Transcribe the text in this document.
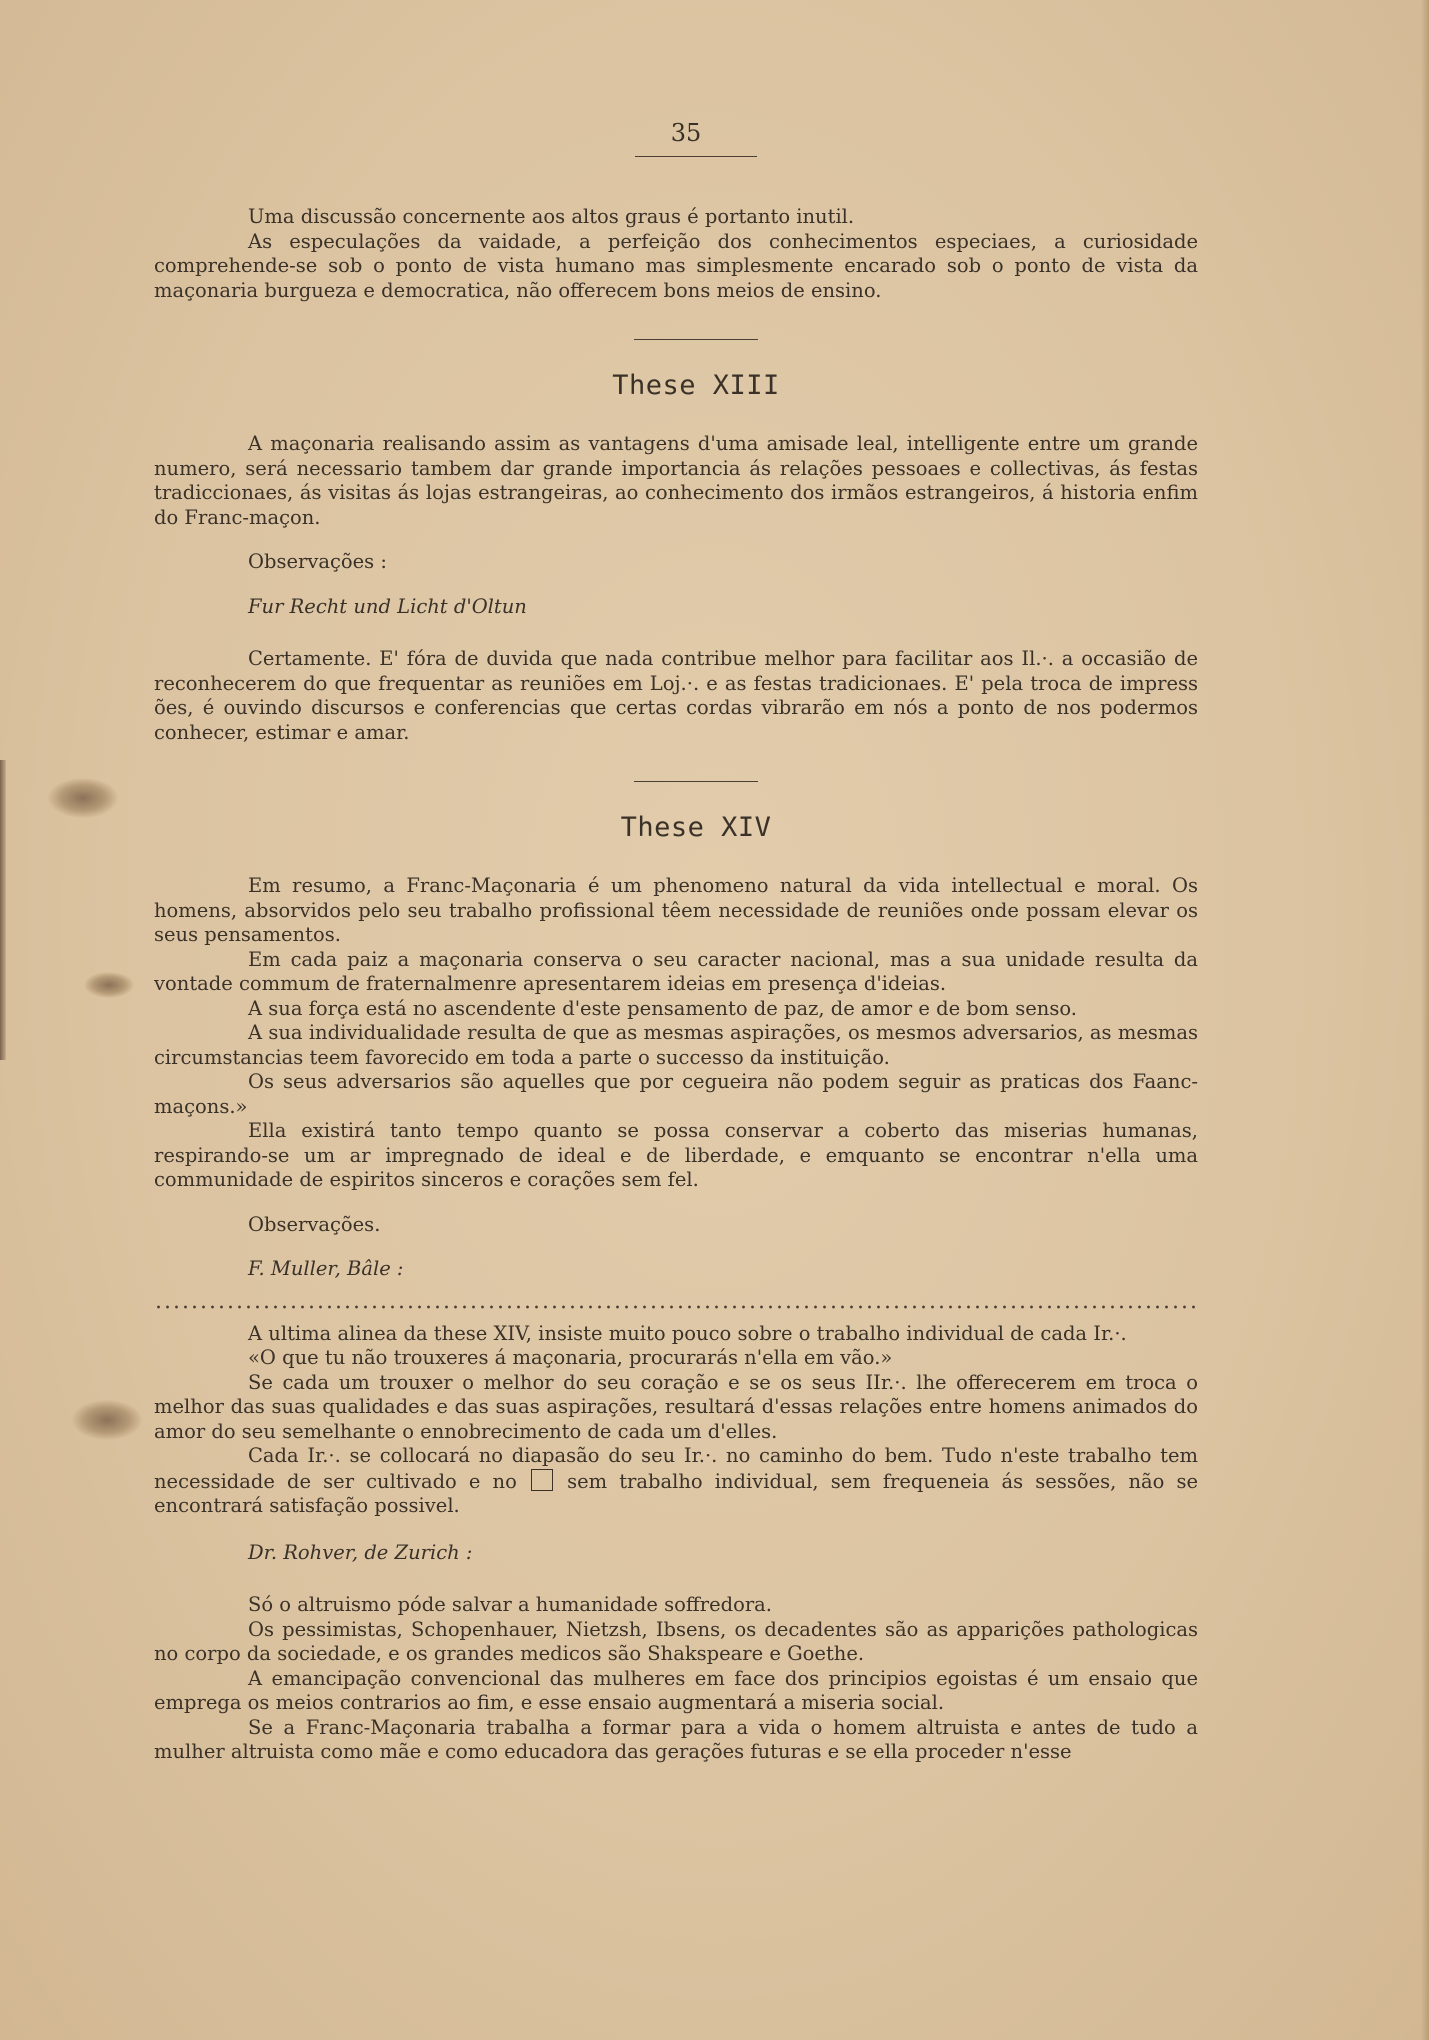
35

Uma discussão concernente aos altos graus é portanto inutil.

As especulações da vaidade, a perfeição dos conhecimentos especiaes, a curiosidade comprehende-se sob o ponto de vista humano mas simplesmente encarado sob o ponto de vista da maçonaria burgueza e democratica, não offerecem bons meios de ensino.

These XIII

A maçonaria realisando assim as vantagens d'uma amisade leal, intelligente entre um grande numero, será necessario tambem dar grande importancia ás relações pessoaes e collectivas, ás festas tradiccionaes, ás visitas ás lojas estrangeiras, ao conhecimento dos irmãos estrangeiros, á historia enfim do Franc-maçon.

Observações :

Fur Recht und Licht d'Oltun

Certamente. E' fóra de duvida que nada contribue melhor para facilitar aos Il.·. a occasião de reconhecerem do que frequentar as reuniões em Loj.·. e as festas tradicionaes. E' pela troca de impress ões, é ouvindo discursos e conferencias que certas cordas vibrarão em nós a ponto de nos podermos conhecer, estimar e amar.

These XIV

Em resumo, a Franc-Maçonaria é um phenomeno natural da vida intellectual e moral. Os homens, absorvidos pelo seu trabalho profissional têem necessidade de reuniões onde possam elevar os seus pensamentos.

Em cada paiz a maçonaria conserva o seu caracter nacional, mas a sua unidade resulta da vontade commum de fraternalmenre apresentarem ideias em presença d'ideias.

A sua força está no ascendente d'este pensamento de paz, de amor e de bom senso.

A sua individualidade resulta de que as mesmas aspirações, os mesmos adversarios, as mesmas circumstancias teem favorecido em toda a parte o successo da instituição.

Os seus adversarios são aquelles que por cegueira não podem seguir as praticas dos Faanc-maçons.»

Ella existirá tanto tempo quanto se possa conservar a coberto das miserias humanas, respirando-se um ar impregnado de ideal e de liberdade, e emquanto se encontrar n'ella uma communidade de espiritos sinceros e corações sem fel.

Observações.

F. Muller, Bâle :

A ultima alinea da these XIV, insiste muito pouco sobre o trabalho individual de cada Ir.·.

«O que tu não trouxeres á maçonaria, procurarás n'ella em vão.»

Se cada um trouxer o melhor do seu coração e se os seus IIr.·. lhe offerecerem em troca o melhor das suas qualidades e das suas aspirações, resultará d'essas relações entre homens animados do amor do seu semelhante o ennobrecimento de cada um d'elles.

Cada Ir.·. se collocará no diapasão do seu Ir.·. no caminho do bem. Tudo n'este trabalho tem necessidade de ser cultivado e no	sem trabalho individual, sem frequeneia ás sessões, não se encontrará satisfação possivel.

Dr. Rohver, de Zurich :

Só o altruismo póde salvar a humanidade soffredora.

Os pessimistas, Schopenhauer, Nietzsh, Ibsens, os decadentes são as apparições pathologicas no corpo da sociedade, e os grandes medicos são Shakspeare e Goethe.

A emancipação convencional das mulheres em face dos principios egoistas é um ensaio que emprega os meios contrarios ao fim, e esse ensaio augmentará a miseria social.

Se a Franc-Maçonaria trabalha a formar para a vida o homem altruista e antes de tudo a mulher altruista como mãe e como educadora das gerações futuras e se ella proceder n'esse
